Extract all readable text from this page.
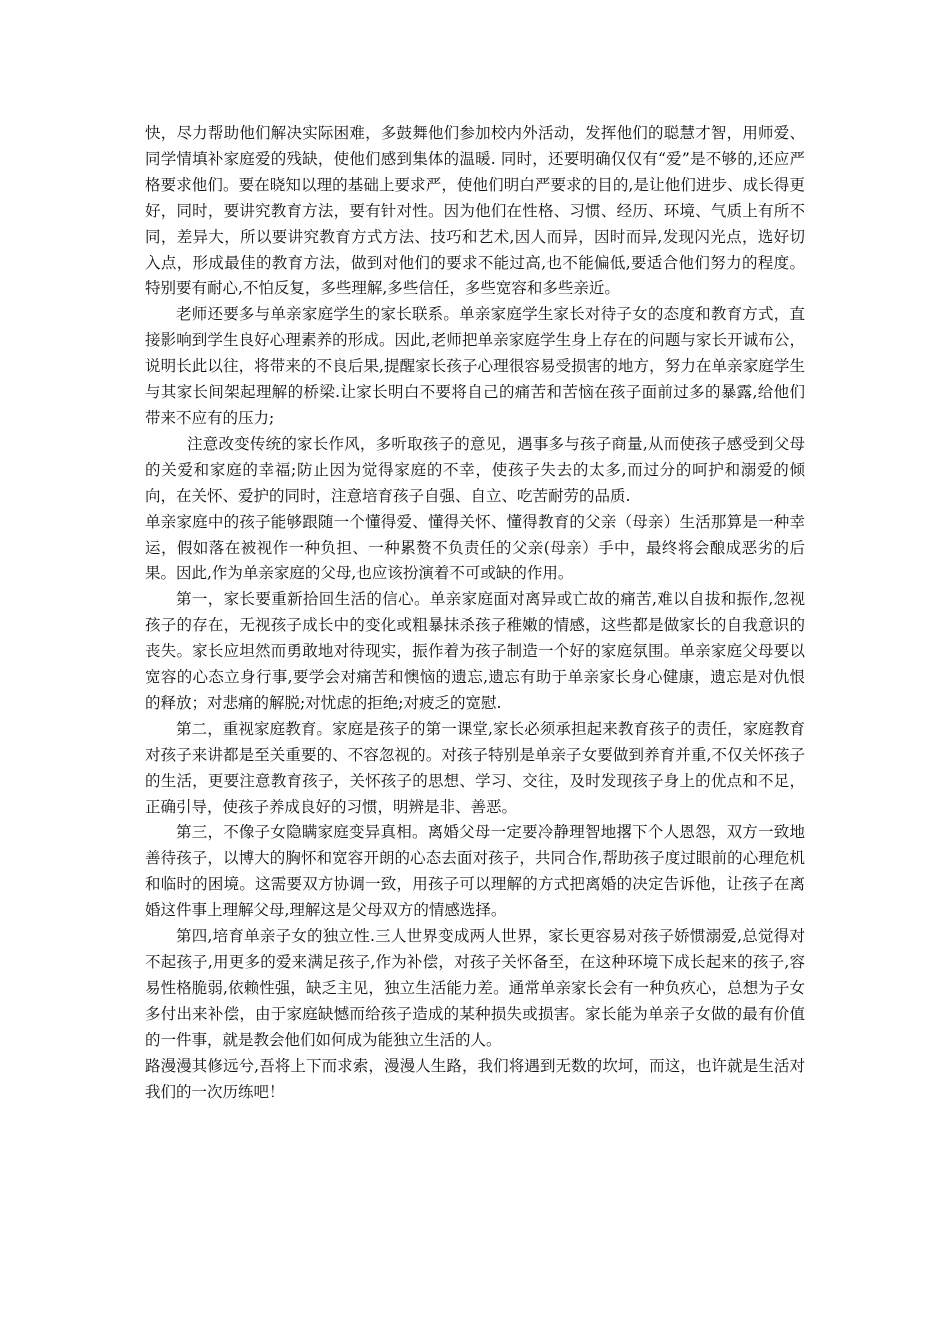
快，尽力帮助他们解决实际困难，多鼓舞他们参加校内外活动，发挥他们的聪慧才智，用师爱、同学情填补家庭爱的残缺，使他们感到集体的温暖. 同时，还要明确仅仅有“爱”是不够的,还应严格要求他们。要在晓知以理的基础上要求严，使他们明白严要求的目的,是让他们进步、成长得更好，同时，要讲究教育方法，要有针对性。因为他们在性格、习惯、经历、环境、气质上有所不同，差异大，所以要讲究教育方式方法、技巧和艺术,因人而异，因时而异,发现闪光点，选好切入点，形成最佳的教育方法，做到对他们的要求不能过高,也不能偏低,要适合他们努力的程度。特别要有耐心,不怕反复，多些理解,多些信任，多些宽容和多些亲近。

老师还要多与单亲家庭学生的家长联系。单亲家庭学生家长对待子女的态度和教育方式，直接影响到学生良好心理素养的形成。因此,老师把单亲家庭学生身上存在的问题与家长开诚布公，说明长此以往，将带来的不良后果,提醒家长孩子心理很容易受损害的地方，努力在单亲家庭学生与其家长间架起理解的桥梁.让家长明白不要将自己的痛苦和苦恼在孩子面前过多的暴露,给他们带来不应有的压力;

注意改变传统的家长作风，多听取孩子的意见，遇事多与孩子商量,从而使孩子感受到父母的关爱和家庭的幸福;防止因为觉得家庭的不幸，使孩子失去的太多,而过分的呵护和溺爱的倾向，在关怀、爱护的同时，注意培育孩子自强、自立、吃苦耐劳的品质.

单亲家庭中的孩子能够跟随一个懂得爱、懂得关怀、懂得教育的父亲（母亲）生活那算是一种幸运，假如落在被视作一种负担、一种累赘不负责任的父亲(母亲）手中，最终将会酿成恶劣的后果。因此,作为单亲家庭的父母,也应该扮演着不可或缺的作用。

第一，家长要重新拾回生活的信心。单亲家庭面对离异或亡故的痛苦,难以自拔和振作,忽视孩子的存在，无视孩子成长中的变化或粗暴抹杀孩子稚嫩的情感，这些都是做家长的自我意识的丧失。家长应坦然而勇敢地对待现实，振作着为孩子制造一个好的家庭氛围。单亲家庭父母要以宽容的心态立身行事,要学会对痛苦和懊恼的遗忘,遗忘有助于单亲家长身心健康，遗忘是对仇恨的释放；对悲痛的解脱;对忧虑的拒绝;对疲乏的宽慰.

第二，重视家庭教育。家庭是孩子的第一课堂,家长必须承担起来教育孩子的责任，家庭教育对孩子来讲都是至关重要的、不容忽视的。对孩子特别是单亲子女要做到养育并重,不仅关怀孩子的生活，更要注意教育孩子，关怀孩子的思想、学习、交往，及时发现孩子身上的优点和不足，正确引导，使孩子养成良好的习惯，明辨是非、善恶。

第三，不像子女隐瞒家庭变异真相。离婚父母一定要冷静理智地撂下个人恩怨，双方一致地善待孩子，以博大的胸怀和宽容开朗的心态去面对孩子，共同合作,帮助孩子度过眼前的心理危机和临时的困境。这需要双方协调一致，用孩子可以理解的方式把离婚的决定告诉他，让孩子在离婚这件事上理解父母,理解这是父母双方的情感选择。

第四,培育单亲子女的独立性.三人世界变成两人世界，家长更容易对孩子娇惯溺爱,总觉得对不起孩子,用更多的爱来满足孩子,作为补偿，对孩子关怀备至，在这种环境下成长起来的孩子,容易性格脆弱,依赖性强，缺乏主见，独立生活能力差。通常单亲家长会有一种负疚心，总想为子女多付出来补偿，由于家庭缺憾而给孩子造成的某种损失或损害。家长能为单亲子女做的最有价值的一件事，就是教会他们如何成为能独立生活的人。

路漫漫其修远兮,吾将上下而求索，漫漫人生路，我们将遇到无数的坎坷，而这，也许就是生活对我们的一次历练吧！
